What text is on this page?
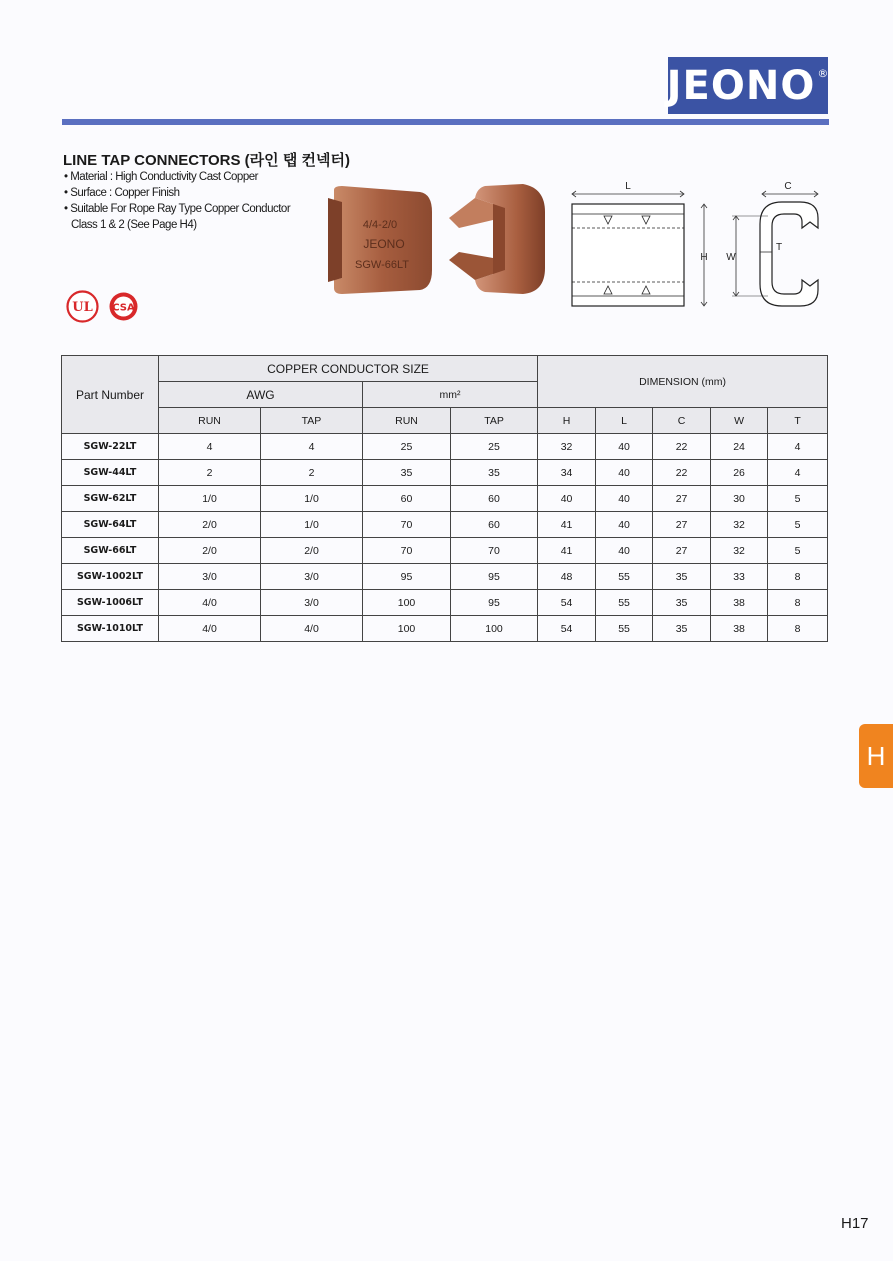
JEONO®
LINE TAP CONNECTORS (라인 탭 컨넥터)
• Material : High Conductivity Cast Copper
• Surface : Copper Finish
• Suitable For Rope Ray Type Copper Conductor
Class 1 & 2 (See Page H4)
UL CSA
4/4-2/0
JEONO
SGW-66LT
L
H
C
W
T
Part Number	COPPER CONDUCTOR SIZE				DIMENSION (mm)				
	AWG		mm²						
	RUN	TAP	RUN	TAP	H	L	C	W	T
SGW-22LT	4	4	25	25	32	40	22	24	4
SGW-44LT	2	2	35	35	34	40	22	26	4
SGW-62LT	1/0	1/0	60	60	40	40	27	30	5
SGW-64LT	2/0	1/0	70	60	41	40	27	32	5
SGW-66LT	2/0	2/0	70	70	41	40	27	32	5
SGW-1002LT	3/0	3/0	95	95	48	55	35	33	8
SGW-1006LT	4/0	3/0	100	95	54	55	35	38	8
SGW-1010LT	4/0	4/0	100	100	54	55	35	38	8
H
H17
